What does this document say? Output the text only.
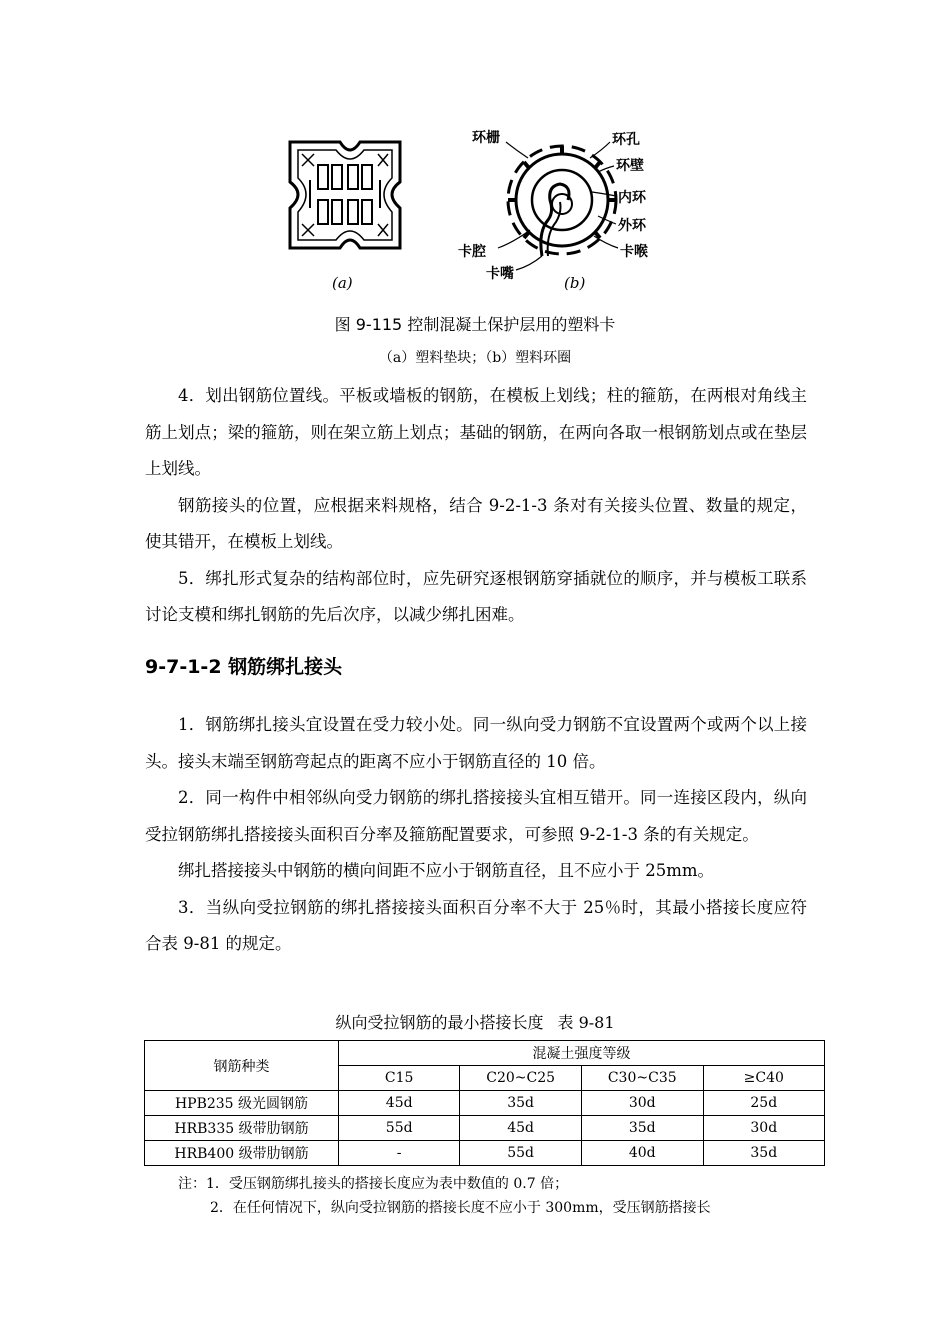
(a)
环栅	环孔
环壁
内环
外环
卡喉
卡腔
卡嘴	(b)
图 9-115 控制混凝土保护层用的塑料卡
（a）塑料垫块；（b）塑料环圈

4．划出钢筋位置线。平板或墙板的钢筋，在模板上划线；柱的箍筋，在两根对角线主筋上划点；梁的箍筋，则在架立筋上划点；基础的钢筋，在两向各取一根钢筋划点或在垫层上划线。

钢筋接头的位置，应根据来料规格，结合 9-2-1-3 条对有关接头位置、数量的规定，使其错开，在模板上划线。

5．绑扎形式复杂的结构部位时，应先研究逐根钢筋穿插就位的顺序，并与模板工联系讨论支模和绑扎钢筋的先后次序，以减少绑扎困难。

9-7-1-2 钢筋绑扎接头

1．钢筋绑扎接头宜设置在受力较小处。同一纵向受力钢筋不宜设置两个或两个以上接头。接头末端至钢筋弯起点的距离不应小于钢筋直径的 10 倍。

2．同一构件中相邻纵向受力钢筋的绑扎搭接接头宜相互错开。同一连接区段内，纵向受拉钢筋绑扎搭接接头面积百分率及箍筋配置要求，可参照 9-2-1-3 条的有关规定。

绑扎搭接接头中钢筋的横向间距不应小于钢筋直径，且不应小于 25mm。

3．当纵向受拉钢筋的绑扎搭接接头面积百分率不大于 25％时，其最小搭接长度应符合表 9-81 的规定。

纵向受拉钢筋的最小搭接长度 表 9-81
钢筋种类	混凝土强度等级			
	C15	C20~C25	C30~C35	≥C40
HPB235 级光圆钢筋	45d	35d	30d	25d
HRB335 级带肋钢筋	55d	45d	35d	30d
HRB400 级带肋钢筋	-	55d	40d	35d
注：1．受压钢筋绑扎接头的搭接长度应为表中数值的 0.7 倍；
2．在任何情况下，纵向受拉钢筋的搭接长度不应小于 300mm，受压钢筋搭接长
